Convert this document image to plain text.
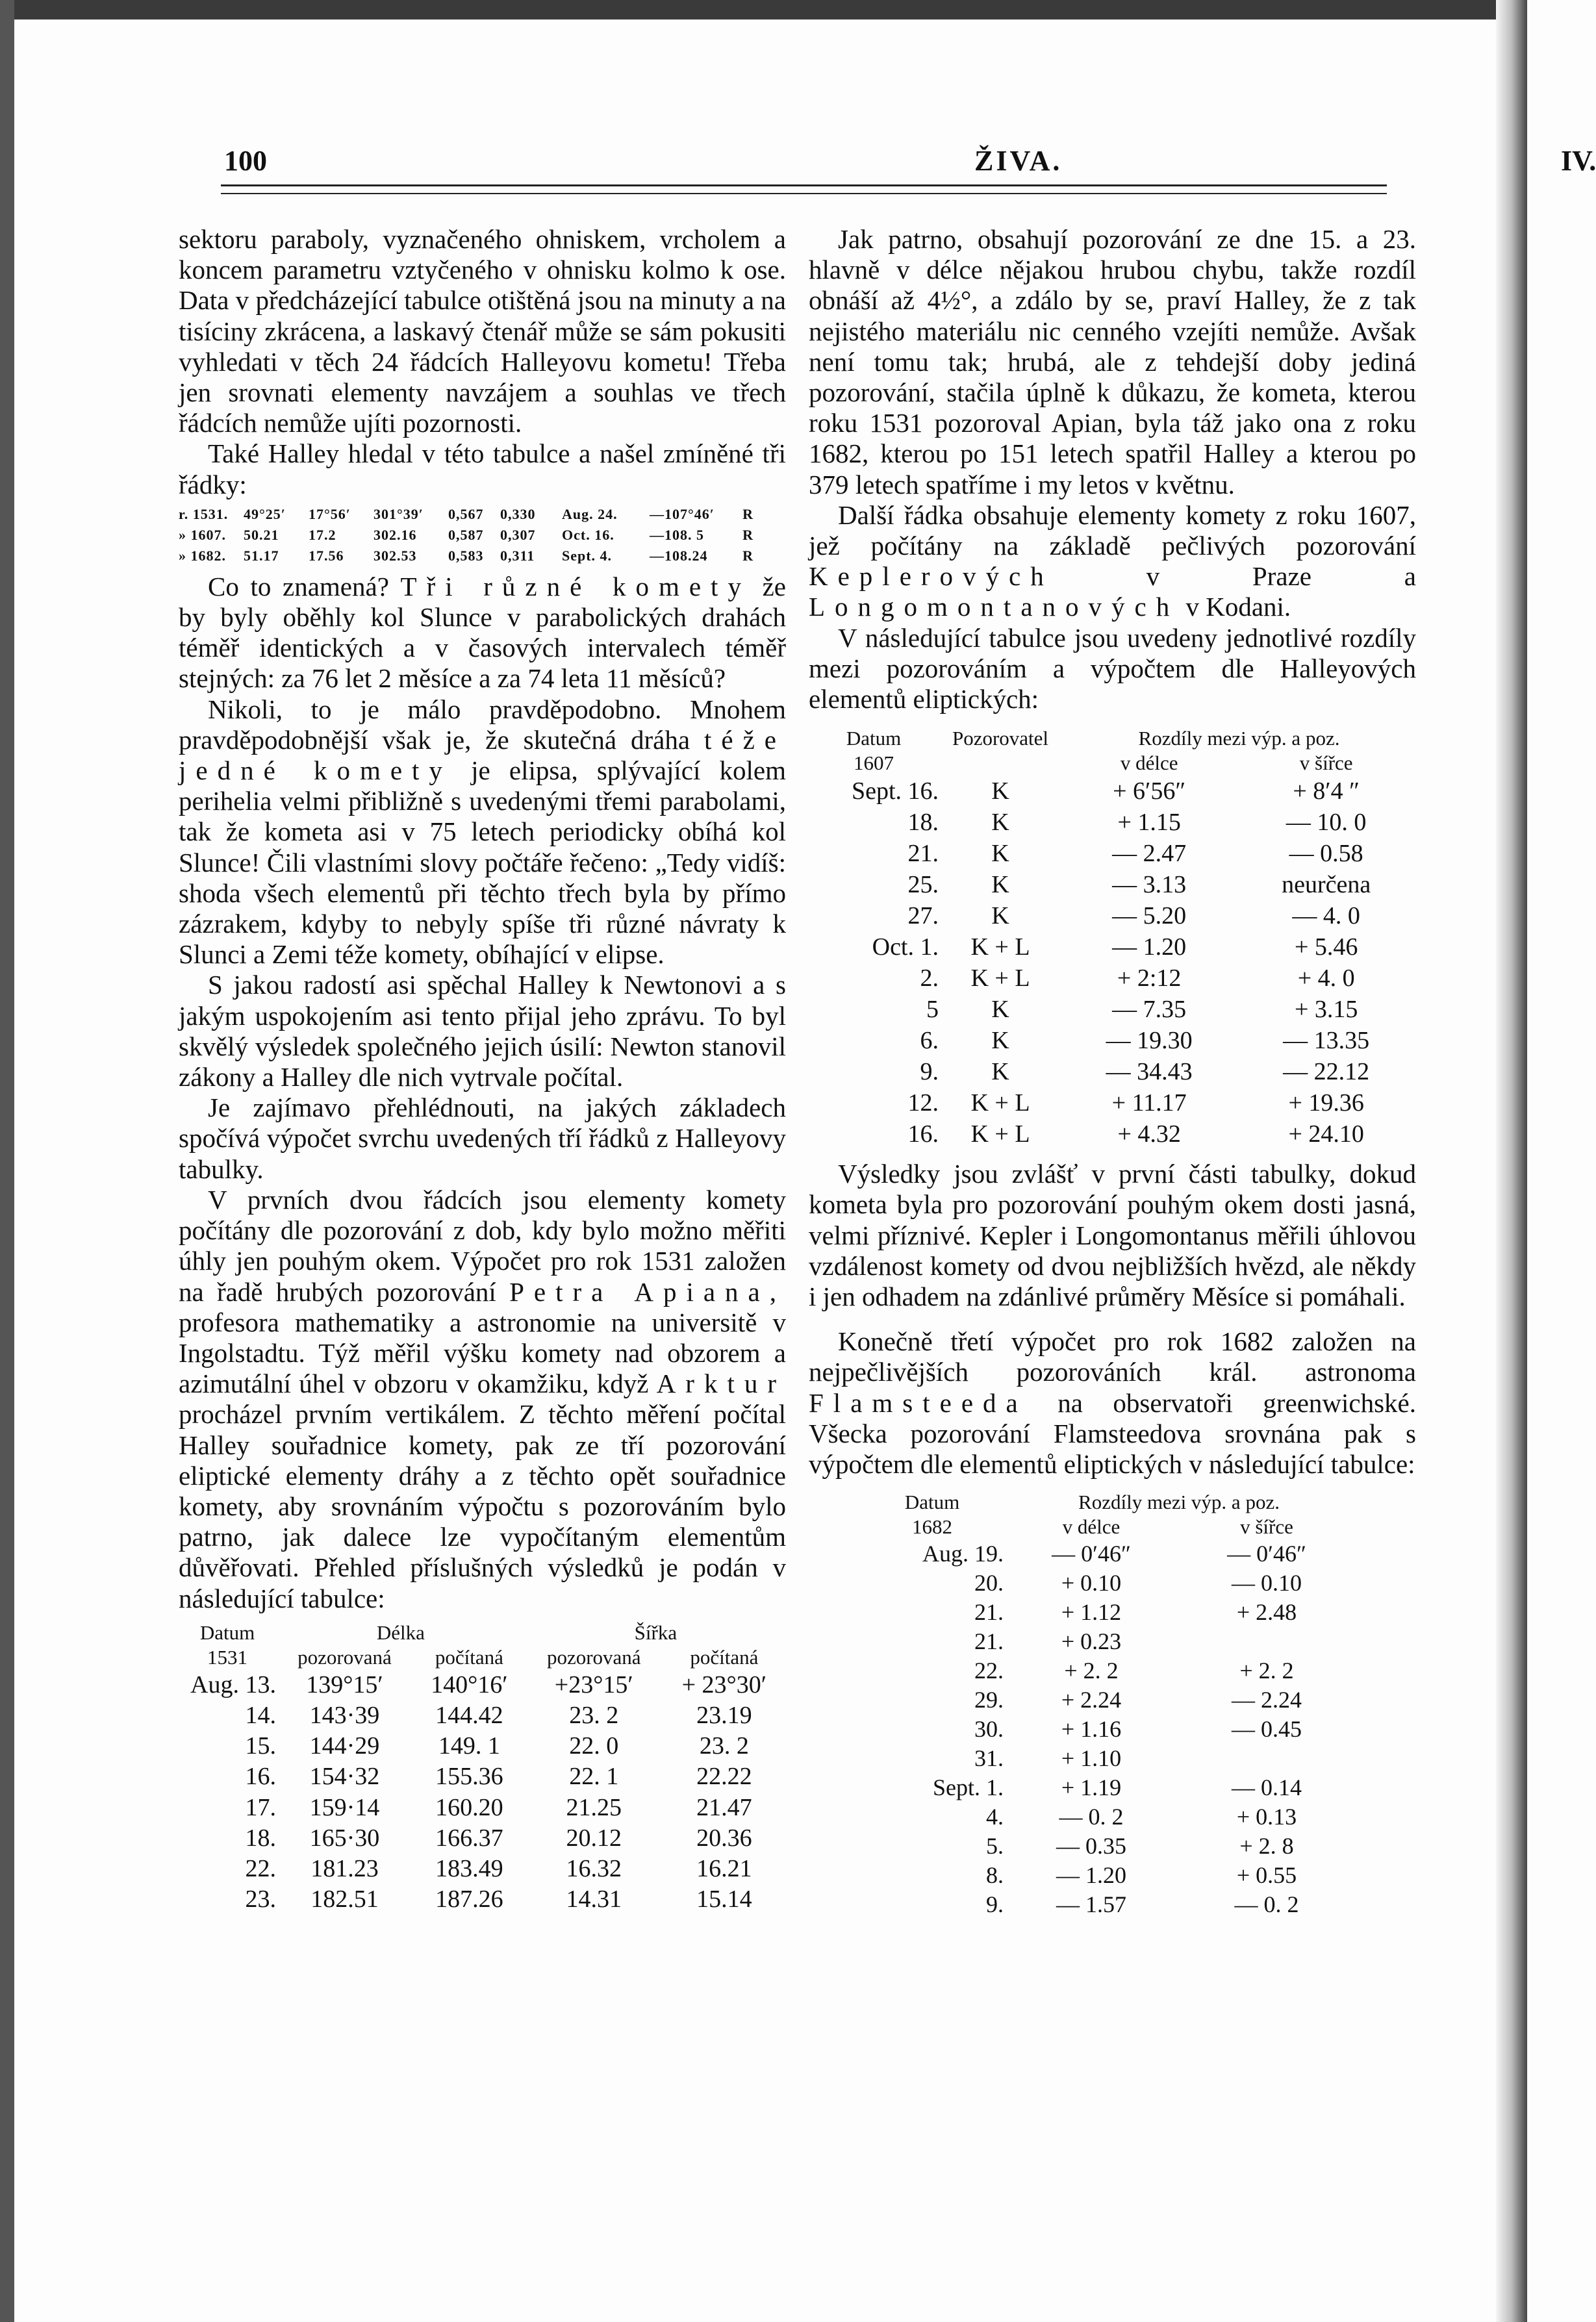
100	ŽIVA.	IV.

sektoru paraboly, vyznačeného ohniskem, vrcholem a koncem parametru vztyčeného v ohnisku kolmo k ose. Data v předcházející tabulce otištěná jsou na minuty a na tisíciny zkrácena, a laskavý čtenář může se sám pokusiti vyhledati v těch 24 řádcích Halleyovu kometu! Třeba jen srovnati elementy navzájem a souhlas ve třech řádcích nemůže ujíti pozornosti.

Také Halley hledal v této tabulce a našel zmíněné tři řádky:

r. 1531.	49°25′	17°56′	301°39′	0,567	0,330	Aug. 24.	—107°46′	R
» 1607.	50.21	17.2	302.16	0,587	0,307	Oct. 16.	—108. 5	R
» 1682.	51.17	17.56	302.53	0,583	0,311	Sept. 4.	—108.24	R

Co to znamená? Tři různé komety že by byly oběhly kol Slunce v parabolických drahách téměř identických a v časových intervalech téměř stejných: za 76 let 2 měsíce a za 74 leta 11 měsíců?

Nikoli, to je málo pravděpodobno. Mnohem pravděpodobnější však je, že skutečná dráha téže jedné komety je elipsa, splývající kolem perihelia velmi přibližně s uvedenými třemi parabolami, tak že kometa asi v 75 letech periodicky obíhá kol Slunce! Čili vlastními slovy počtáře řečeno: „Tedy vidíš: shoda všech elementů při těchto třech byla by přímo zázrakem, kdyby to nebyly spíše tři různé návraty k Slunci a Zemi téže komety, obíhající v elipse.

S jakou radostí asi spěchal Halley k Newtonovi a s jakým uspokojením asi tento přijal jeho zprávu. To byl skvělý výsledek společného jejich úsilí: Newton stanovil zákony a Halley dle nich vytrvale počítal.

Je zajímavo přehlédnouti, na jakých základech spočívá výpočet svrchu uvedených tří řádků z Halleyovy tabulky.

V prvních dvou řádcích jsou elementy komety počítány dle pozorování z dob, kdy bylo možno měřiti úhly jen pouhým okem. Výpočet pro rok 1531 založen na řadě hrubých pozorování Petra Apiana, profesora mathematiky a astronomie na universitě v Ingolstadtu. Týž měřil výšku komety nad obzorem a azimutální úhel v obzoru v okamžiku, když Arktur procházel prvním vertikálem. Z těchto měření počítal Halley souřadnice komety, pak ze tří pozorování eliptické elementy dráhy a z těchto opět souřadnice komety, aby srovnáním výpočtu s pozorováním bylo patrno, jak dalece lze vypočítaným elementům důvěřovati. Přehled příslušných výsledků je podán v následující tabulce:

Datum	Délka		Šířka	
1531	pozorovaná	počítaná	pozorovaná	počítaná
Aug. 13.	139°15′	140°16′	+23°15′	+ 23°30′
14.	143·39	144.42	23. 2	23.19
15.	144·29	149. 1	22. 0	23. 2
16.	154·32	155.36	22. 1	22.22
17.	159·14	160.20	21.25	21.47
18.	165·30	166.37	20.12	20.36
22.	181.23	183.49	16.32	16.21
23.	182.51	187.26	14.31	15.14

Jak patrno, obsahují pozorování ze dne 15. a 23. hlavně v délce nějakou hrubou chybu, takže rozdíl obnáší až 4½°, a zdálo by se, praví Halley, že z tak nejistého materiálu nic cenného vzejíti nemůže. Avšak není tomu tak; hrubá, ale z tehdejší doby jediná pozorování, stačila úplně k důkazu, že kometa, kterou roku 1531 pozoroval Apian, byla táž jako ona z roku 1682, kterou po 151 letech spatřil Halley a kterou po 379 letech spatříme i my letos v květnu.

Další řádka obsahuje elementy komety z roku 1607, jež počítány na základě pečlivých pozorování Keplerových	v Praze a Longomontanových v Kodani.

V následující tabulce jsou uvedeny jednotlivé rozdíly mezi pozorováním a výpočtem dle Halleyových elementů eliptických:

Datum	Pozorovatel	Rozdíly mezi výp. a poz.	
1607		v délce	v šířce
Sept. 16.	K	+ 6′56″	+ 8′4 ″
18.	K	+ 1.15	— 10. 0
21.	K	— 2.47	— 0.58
25.	K	— 3.13	neurčena
27.	K	— 5.20	— 4. 0
Oct. 1.	K + L	— 1.20	+ 5.46
2.	K + L	+ 2:12	+ 4. 0
5	K	— 7.35	+ 3.15
6.	K	— 19.30	— 13.35
9.	K	— 34.43	— 22.12
12.	K + L	+ 11.17	+ 19.36
16.	K + L	+ 4.32	+ 24.10

Výsledky jsou zvlášť v první části tabulky, dokud kometa byla pro pozorování pouhým okem dosti jasná, velmi příznivé. Kepler i Longomontanus měřili úhlovou vzdálenost komety od dvou nejbližších hvězd, ale někdy i jen odhadem na zdánlivé průměry Měsíce si pomáhali.

Konečně třetí výpočet pro rok 1682 založen na nejpečlivějších pozorováních král. astronoma Flamsteeda na observatoři greenwichské. Všecka pozorování Flamsteedova srovnána pak s výpočtem dle elementů eliptických v následující tabulce:

Datum	Rozdíly mezi výp. a poz.	
1682	v délce	v šířce
Aug. 19.	— 0′46″	— 0′46″
20.	+ 0.10	— 0.10
21.	+ 1.12	+ 2.48
21.	+ 0.23	
22.	+ 2. 2	+ 2. 2
29.	+ 2.24	— 2.24
30.	+ 1.16	— 0.45
31.	+ 1.10	
Sept. 1.	+ 1.19	— 0.14
4.	— 0. 2	+ 0.13
5.	— 0.35	+ 2. 8
8.	— 1.20	+ 0.55
9.	— 1.57	— 0. 2
